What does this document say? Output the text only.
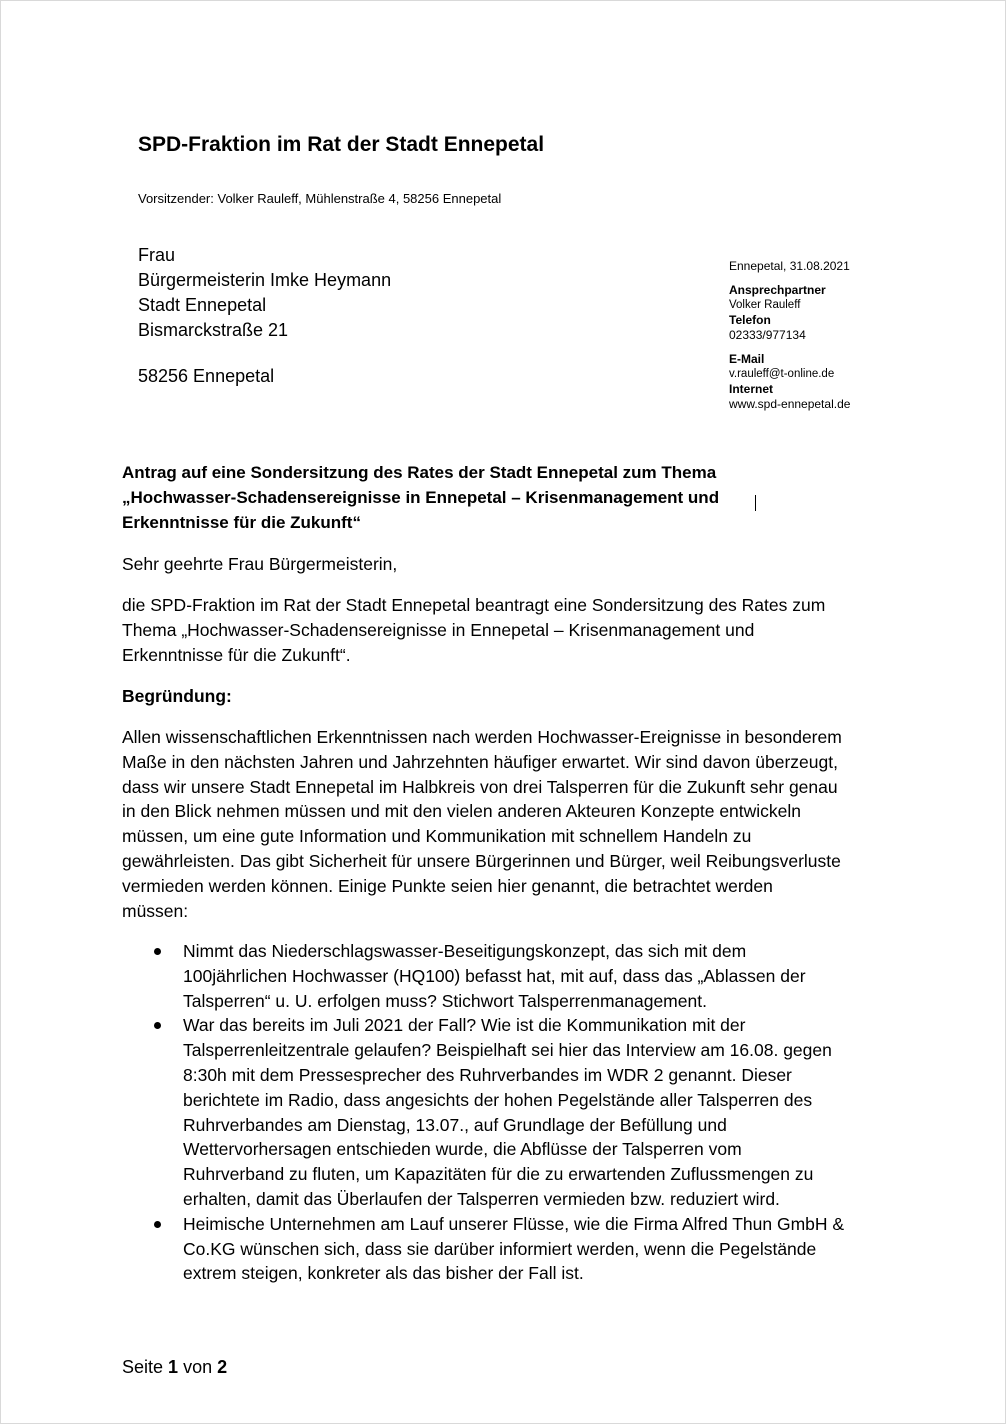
SPD-Fraktion im Rat der Stadt Ennepetal
Vorsitzender: Volker Rauleff, Mühlenstraße 4, 58256 Ennepetal
Frau
Bürgermeisterin Imke Heymann
Stadt Ennepetal
Bismarckstraße 21
58256 Ennepetal
Ennepetal, 31.08.2021
Ansprechpartner
Volker Rauleff
Telefon
02333/977134
E-Mail
v.rauleff@t-online.de
Internet
www.spd-ennepetal.de
Antrag auf eine Sondersitzung des Rates der Stadt Ennepetal zum Thema
„Hochwasser-Schadensereignisse in Ennepetal – Krisenmanagement und
Erkenntnisse für die Zukunft“
Sehr geehrte Frau Bürgermeisterin,
die SPD-Fraktion im Rat der Stadt Ennepetal beantragt eine Sondersitzung des Rates zum
Thema „Hochwasser-Schadensereignisse in Ennepetal – Krisenmanagement und
Erkenntnisse für die Zukunft“.
Begründung:
Allen wissenschaftlichen Erkenntnissen nach werden Hochwasser-Ereignisse in besonderem
Maße in den nächsten Jahren und Jahrzehnten häufiger erwartet. Wir sind davon überzeugt,
dass wir unsere Stadt Ennepetal im Halbkreis von drei Talsperren für die Zukunft sehr genau
in den Blick nehmen müssen und mit den vielen anderen Akteuren Konzepte entwickeln
müssen, um eine gute Information und Kommunikation mit schnellem Handeln zu
gewährleisten. Das gibt Sicherheit für unsere Bürgerinnen und Bürger, weil Reibungsverluste
vermieden werden können. Einige Punkte seien hier genannt, die betrachtet werden
müssen:
Nimmt das Niederschlagswasser-Beseitigungskonzept, das sich mit dem
100jährlichen Hochwasser (HQ100) befasst hat, mit auf, dass das „Ablassen der
Talsperren“ u. U. erfolgen muss? Stichwort Talsperrenmanagement.
War das bereits im Juli 2021 der Fall? Wie ist die Kommunikation mit der
Talsperrenleitzentrale gelaufen? Beispielhaft sei hier das Interview am 16.08. gegen
8:30h mit dem Pressesprecher des Ruhrverbandes im WDR 2 genannt. Dieser
berichtete im Radio, dass angesichts der hohen Pegelstände aller Talsperren des
Ruhrverbandes am Dienstag, 13.07., auf Grundlage der Befüllung und
Wettervorhersagen entschieden wurde, die Abflüsse der Talsperren vom
Ruhrverband zu fluten, um Kapazitäten für die zu erwartenden Zuflussmengen zu
erhalten, damit das Überlaufen der Talsperren vermieden bzw. reduziert wird.
Heimische Unternehmen am Lauf unserer Flüsse, wie die Firma Alfred Thun GmbH &
Co.KG wünschen sich, dass sie darüber informiert werden, wenn die Pegelstände
extrem steigen, konkreter als das bisher der Fall ist.
Seite 1 von 2
